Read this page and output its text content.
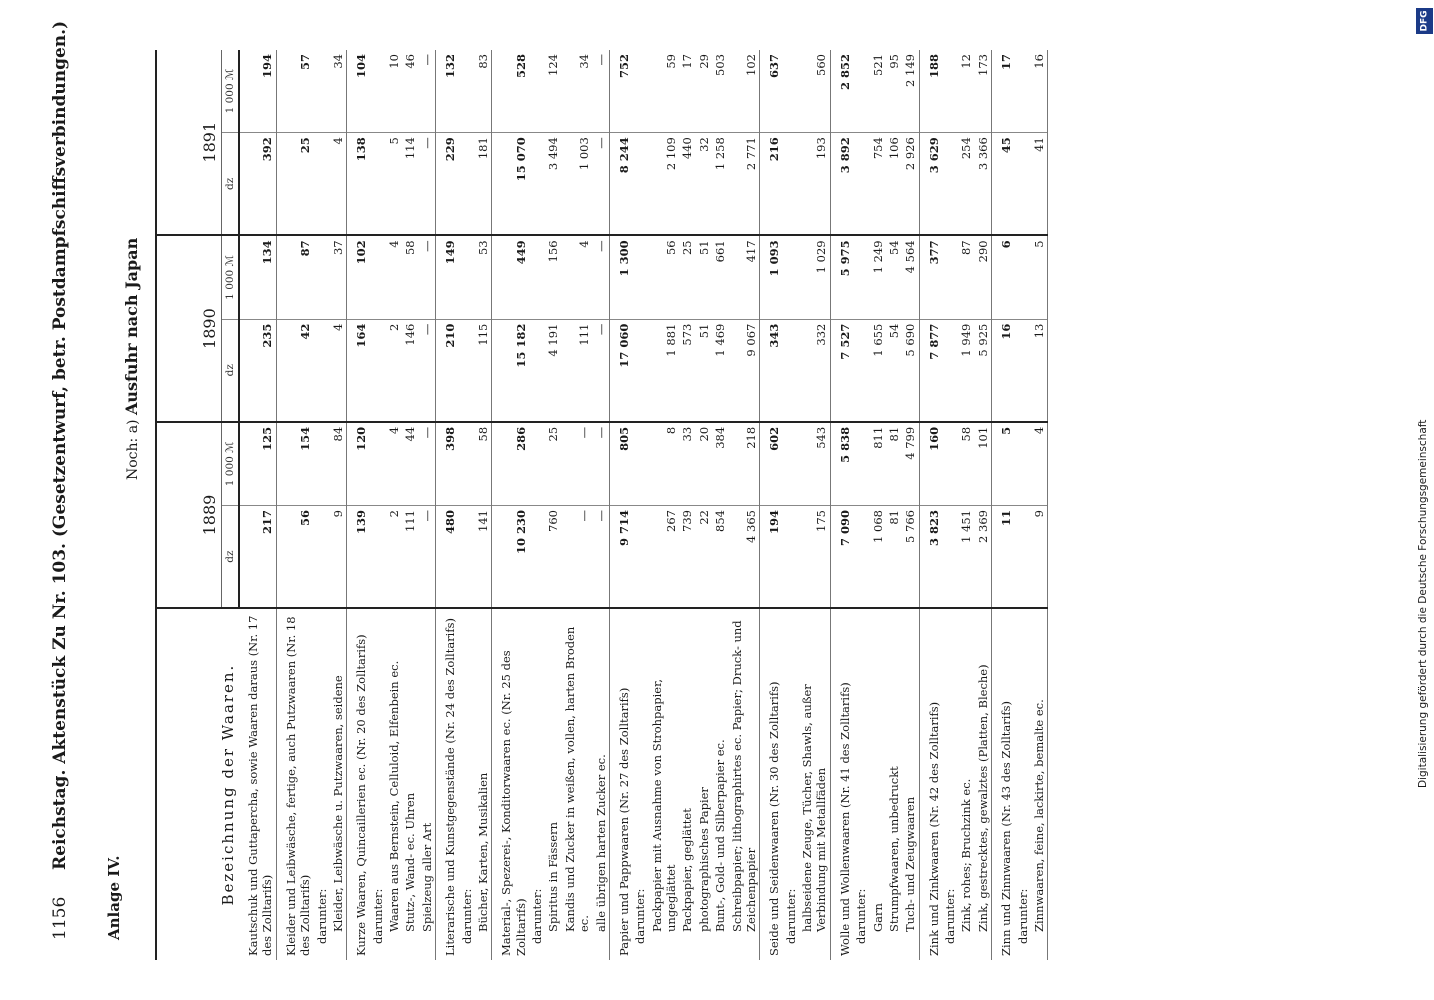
1156
Reichstag. Aktenstück Zu Nr. 103. (Gesetzentwurf, betr. Postdampfschiffsverbindungen.)
Anlage IV.
Noch: a) Ausfuhr nach Japan
Bezeichnung der Waaren.	1889		1890		1891	
	dz	1 000 ℳ	dz	1 000 ℳ	dz	1 000 ℳ
Kautschuk und Guttapercha, sowie Waaren daraus (Nr. 17 des Zolltarifs)	217	125	235	134	392	194
Kleider und Leibwäsche, fertige, auch Putzwaaren (Nr. 18 des Zolltarifs)	56	154	42	87	25	57
darunter:						
Kleider, Leibwäsche u. Putzwaaren, seidene	9	84	4	37	4	34
Kurze Waaren, Quincaillerien ec. (Nr. 20 des Zolltarifs)	139	120	164	102	138	104
darunter:						
Waaren aus Bernstein, Celluloid, Elfenbein ec.	2	4	2	4	5	10
Stutz-, Wand- ec. Uhren	111	44	146	58	114	46
Spielzeug aller Art	—	—	—	—	—	—
Literarische und Kunstgegenstände (Nr. 24 des Zolltarifs)	480	398	210	149	229	132
darunter:						
Bücher, Karten, Musikalien	141	58	115	53	181	83
Material-, Spezerei-, Konditorwaaren ec. (Nr. 25 des Zolltarifs)	10 230	286	15 182	449	15 070	528
darunter:						
Spiritus in Fässern	760	25	4 191	156	3 494	124
Kandis und Zucker in weißen, vollen, harten Broden ec.	—	—	111	4	1 003	34
alle übrigen harten Zucker ec.	—	—	—	—	—	—
Papier und Pappwaaren (Nr. 27 des Zolltarifs)	9 714	805	17 060	1 300	8 244	752
darunter:						
Packpapier mit Ausnahme von Strohpapier, ungeglättet	267	8	1 881	56	2 109	59
Packpapier, geglättet	739	33	573	25	440	17
photographisches Papier	22	20	51	51	32	29
Bunt-, Gold- und Silberpapier ec.	854	384	1 469	661	1 258	503
Schreibpapier; lithographirtes ec. Papier; Druck- und Zeichenpapier	4 365	218	9 067	417	2 771	102
Seide und Seidenwaaren (Nr. 30 des Zolltarifs)	194	602	343	1 093	216	637
darunter:						
halbseidene Zeuge, Tücher, Shawls, außer Verbindung mit Metallfäden	175	543	332	1 029	193	560
Wolle und Wollenwaaren (Nr. 41 des Zolltarifs)	7 090	5 838	7 527	5 975	3 892	2 852
darunter:						
Garn	1 068	811	1 655	1 249	754	521
Strumpfwaaren, unbedruckt	81	81	54	54	106	95
Tuch- und Zeugwaaren	5 766	4 799	5 690	4 564	2 926	2 149
Zink und Zinkwaaren (Nr. 42 des Zolltarifs)	3 823	160	7 877	377	3 629	188
darunter:						
Zink, rohes; Bruchzink ec.	1 451	58	1 949	87	254	12
Zink, gestrecktes, gewalztes (Platten, Bleche)	2 369	101	5 925	290	3 366	173
Zinn und Zinnwaaren (Nr. 43 des Zolltarifs)	11	5	16	6	45	17
darunter:						
Zinnwaaren, feine, lackirte, bemalte ec.	9	4	13	5	41	16
DFG
Digitalisierung gefördert durch die Deutsche Forschungsgemeinschaft
